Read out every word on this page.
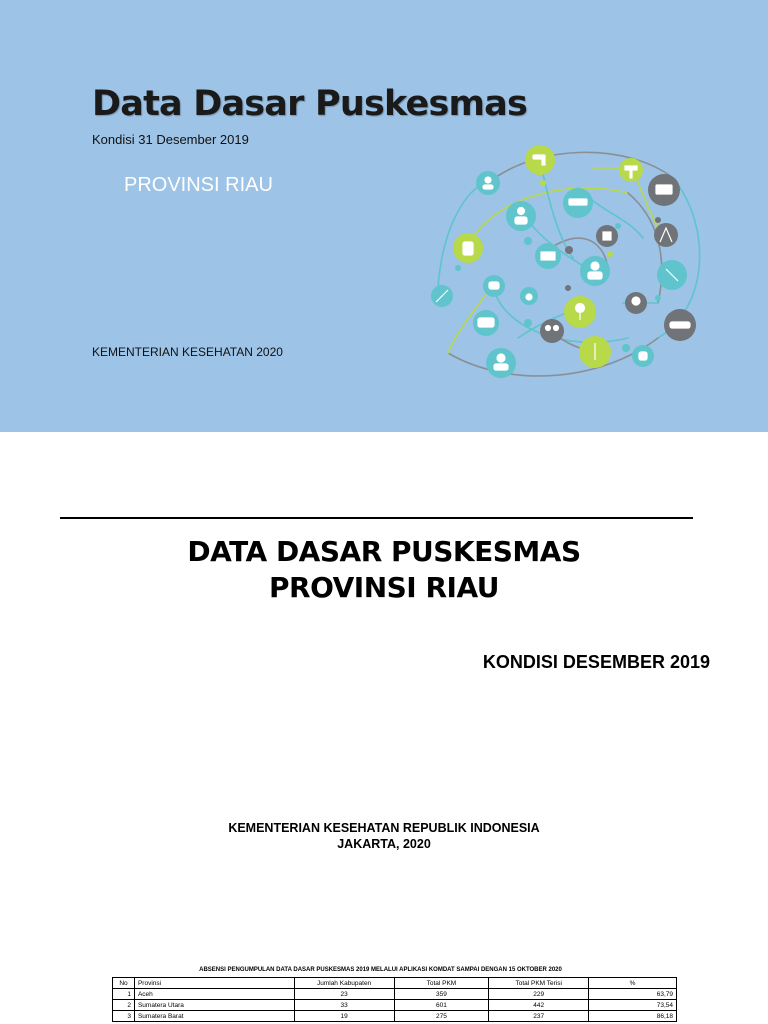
Data Dasar Puskesmas
Kondisi 31 Desember 2019
PROVINSI RIAU
KEMENTERIAN KESEHATAN 2020
DATA DASAR PUSKESMAS
PROVINSI RIAU
KONDISI DESEMBER 2019
KEMENTERIAN KESEHATAN REPUBLIK INDONESIA
JAKARTA, 2020
ABSENSI PENGUMPULAN DATA DASAR PUSKESMAS 2019 MELALUI APLIKASI KOMDAT SAMPAI DENGAN 15 OKTOBER 2020
No	Provinsi	Jumlah Kabupaten	Total PKM	Total PKM Terisi	%
1	Aceh	23	359	229	63,79
2	Sumatera Utara	33	601	442	73,54
3	Sumatera Barat	19	275	237	86,18
